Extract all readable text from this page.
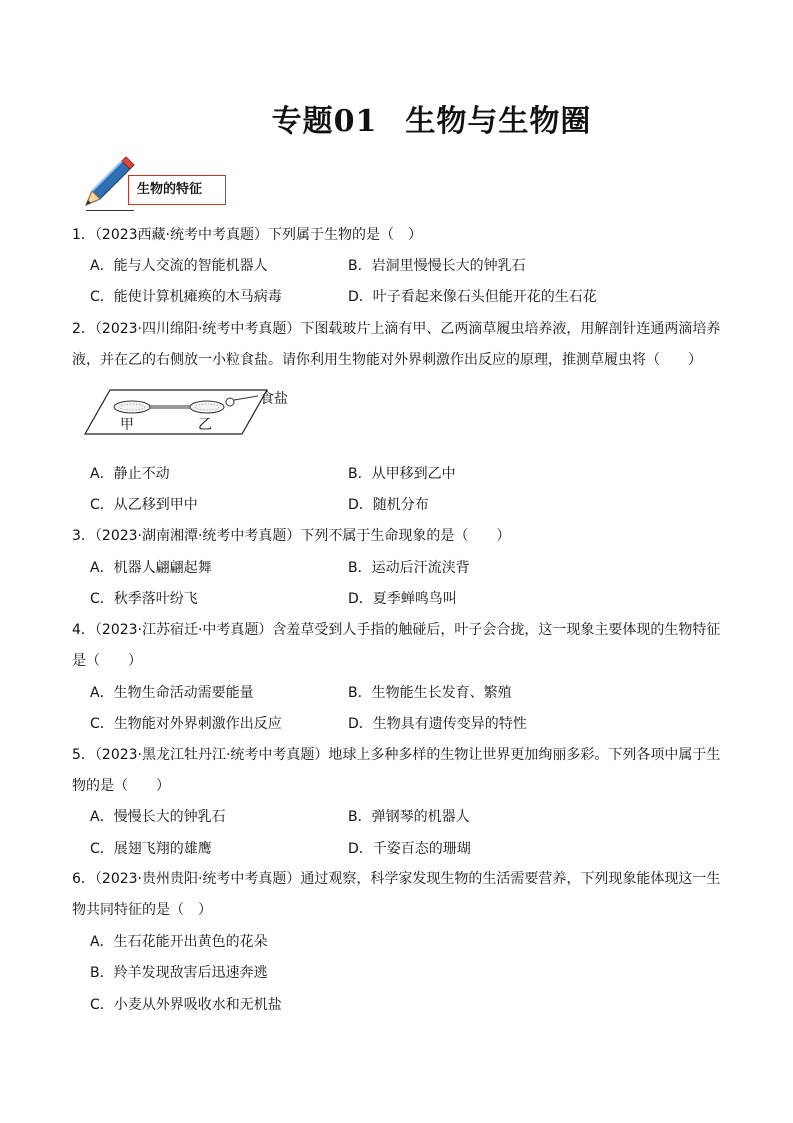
专题01 生物与生物圈
生物的特征
1．（2023西藏·统考中考真题）下列属于生物的是（　）
A．能与人交流的智能机器人	B．岩洞里慢慢长大的钟乳石
C．能使计算机瘫痪的木马病毒	D．叶子看起来像石头但能开花的生石花
2．（2023·四川绵阳·统考中考真题）下图载玻片上滴有甲、乙两滴草履虫培养液，用解剖针连通两滴培养液，并在乙的右侧放一小粒食盐。请你利用生物能对外界刺激作出反应的原理，推测草履虫将（　　）
甲	乙
食盐
A．静止不动	B．从甲移到乙中
C．从乙移到甲中	D．随机分布
3．（2023·湖南湘潭·统考中考真题）下列不属于生命现象的是（　　）
A．机器人翩翩起舞	B．运动后汗流浃背
C．秋季落叶纷飞	D．夏季蝉鸣鸟叫
4．（2023·江苏宿迁·中考真题）含羞草受到人手指的触碰后，叶子会合拢，这一现象主要体现的生物特征是（　　）
A．生物生命活动需要能量	B．生物能生长发育、繁殖
C．生物能对外界刺激作出反应	D．生物具有遗传变异的特性
5．（2023·黑龙江牡丹江·统考中考真题）地球上多种多样的生物让世界更加绚丽多彩。下列各项中属于生物的是（　　）
A．慢慢长大的钟乳石	B．弹钢琴的机器人
C．展翅飞翔的雄鹰	D．千姿百态的珊瑚
6．（2023·贵州贵阳·统考中考真题）通过观察，科学家发现生物的生活需要营养，下列现象能体现这一生物共同特征的是（　）
A．生石花能开出黄色的花朵
B．羚羊发现敌害后迅速奔逃
C．小麦从外界吸收水和无机盐
